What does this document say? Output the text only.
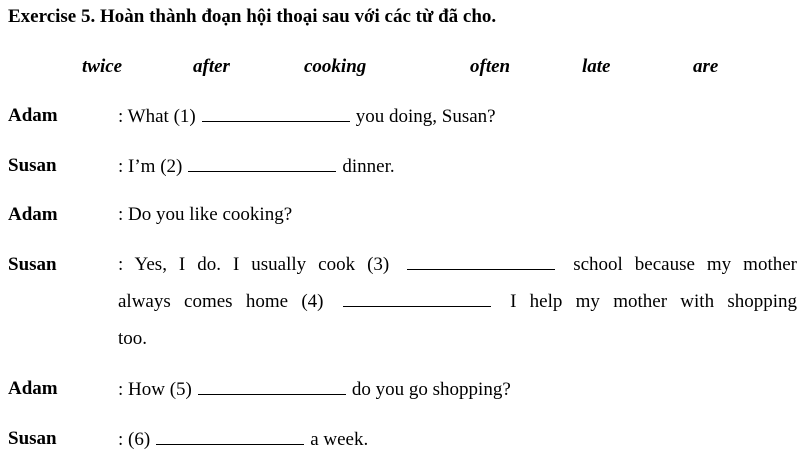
Exercise 5. Hoàn thành đoạn hội thoại sau với các từ đã cho.
twice	after	cooking	often	late	are
Adam	: What (1)	you doing, Susan?
Susan	: I’m (2)	dinner.
Adam	: Do you like cooking?
Susan	: Yes, I do. I usually cook (3)	school because my mother
always comes home (4)	I help my mother with shopping
too.
Adam	: How (5)	do you go shopping?
Susan	: (6)	a week.
